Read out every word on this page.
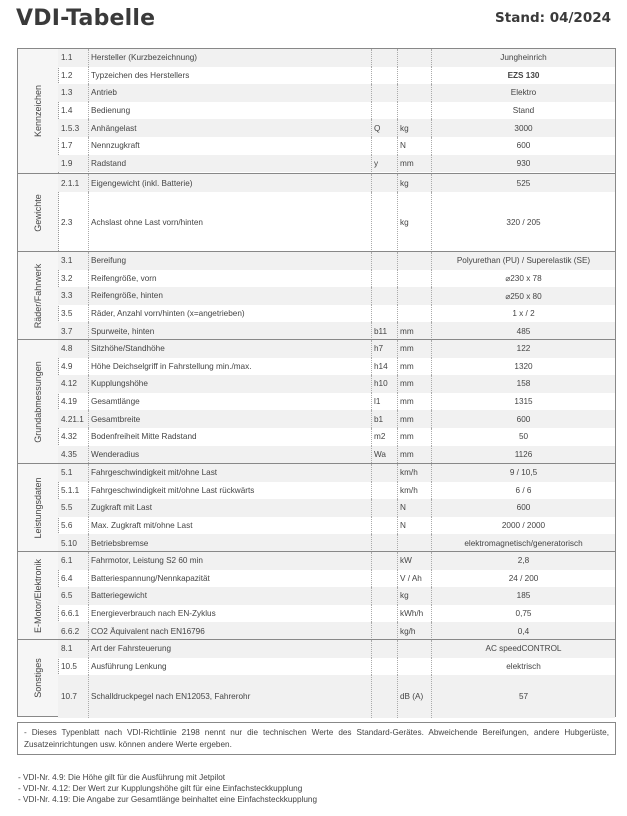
VDI-Tabelle	Stand: 04/2024
Kennzeichen
1.1 Hersteller (Kurzbezeichnung)	Jungheinrich
1.2 Typzeichen des Herstellers	EZS 130
1.3 Antrieb	Elektro
1.4 Bedienung	Stand
1.5.3 Anhängelast	Q kg	3000
1.7 Nennzugkraft	N	600
1.9 Radstand	y	mm	930
Gewichte
2.1.1 Eigengewicht (inkl. Batterie)	kg	525
2.3 Achslast ohne Last vorn/hinten	kg	320 / 205
Räder/Fahrwerk
3.1 Bereifung	Polyurethan (PU) / Superelastik (SE)
3.2 Reifengröße, vorn	⌀230 x 78
3.3 Reifengröße, hinten	⌀250 x 80
3.5 Räder, Anzahl vorn/hinten (x=angetrieben)	1 x / 2
3.7 Spurweite, hinten	b11 mm	485
Grundabmessungen
4.8 Sitzhöhe/Standhöhe	h7 mm	122
4.9 Höhe Deichselgriff in Fahrstellung min./max.	h14 mm	1320
4.12 Kupplungshöhe	h10 mm	158
4.19 Gesamtlänge	l1 mm	1315
4.21.1 Gesamtbreite	b1 mm	600
4.32 Bodenfreiheit Mitte Radstand	m2 mm	50
4.35 Wenderadius	Wa mm	1126
Leistungsdaten
5.1 Fahrgeschwindigkeit mit/ohne Last	km/h	9 / 10,5
5.1.1 Fahrgeschwindigkeit mit/ohne Last rückwärts	km/h	6 / 6
5.5 Zugkraft mit Last	N	600
5.6 Max. Zugkraft mit/ohne Last	N	2000 / 2000
5.10 Betriebsbremse	elektromagnetisch/generatorisch
E-Motor/Elektronik 6.1 Fahrmotor, Leistung S2 60 min	kW	2,8
6.4 Batteriespannung/Nennkapazität	V / Ah	24 / 200
6.5 Batteriegewicht	kg	185
6.6.1 Energieverbrauch nach EN-Zyklus	kWh/h	0,75
6.6.2 CO2 Äquivalent nach EN16796	kg/h	0,4
Sonstiges
8.1 Art der Fahrsteuerung	AC speedCONTROL
10.5 Ausführung Lenkung	elektrisch
10.7 Schalldruckpegel nach EN12053, Fahrerohr	dB (A)	57
- Dieses Typenblatt nach VDI-Richtlinie 2198 nennt nur die technischen Werte des Standard-Gerätes. Abweichende Bereifungen, andere Hubgerüste, Zusatzeinrichtungen usw. können andere Werte ergeben.
- VDI-Nr. 4.9: Die Höhe gilt für die Ausführung mit Jetpilot
- VDI-Nr. 4.12: Der Wert zur Kupplungshöhe gilt für eine Einfachsteckkupplung
- VDI-Nr. 4.19: Die Angabe zur Gesamtlänge beinhaltet eine Einfachsteckkupplung
